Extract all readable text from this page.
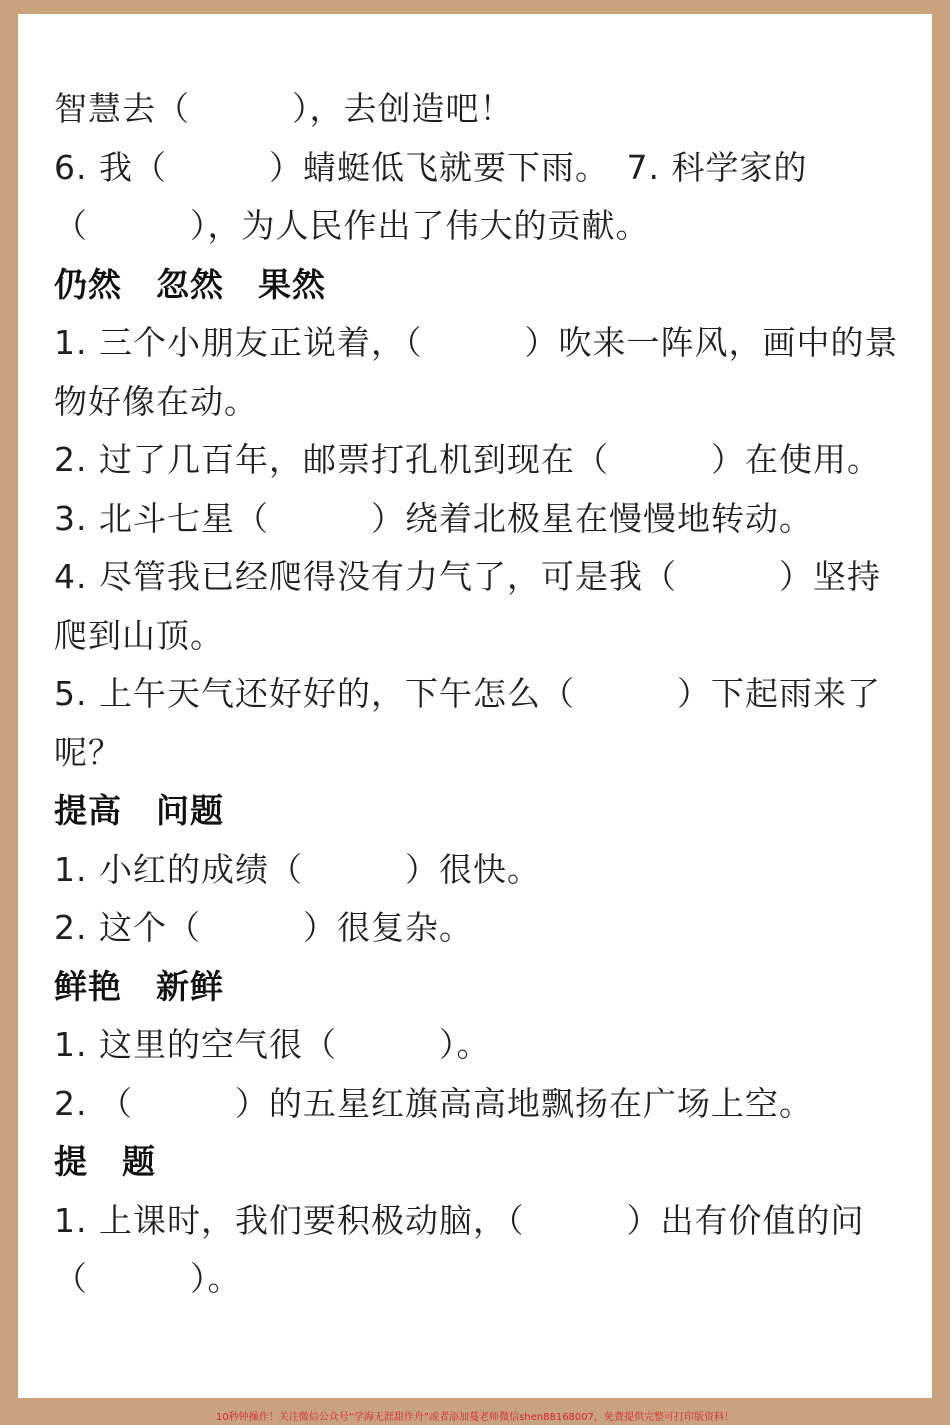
智慧去（　　　），去创造吧！
6. 我（　　　）蜻蜓低飞就要下雨。　7. 科学家的
（　　　），为人民作出了伟大的贡献。
仍然 忽然 果然
1. 三个小朋友正说着，（　　　）吹来一阵风，画中的景
物好像在动。
2. 过了几百年，邮票打孔机到现在（　　　）在使用。
3. 北斗七星（　　　）绕着北极星在慢慢地转动。
4. 尽管我已经爬得没有力气了，可是我（　　　）坚持
爬到山顶。
5. 上午天气还好好的，下午怎么（　　　）下起雨来了
呢？
提高 问题
1. 小红的成绩（　　　）很快。
2. 这个（　　　）很复杂。
鲜艳 新鲜
1. 这里的空气很（　　　）。
2. （　　　）的五星红旗高高地飘扬在广场上空。
提 题
1. 上课时，我们要积极动脑，（　　　）出有价值的问
（　　　）。
10秒钟操作！关注微信公众号“学海无涯甜作舟”或者添加蔓老师微信shen88168007，免费提供完整可打印版资料！
